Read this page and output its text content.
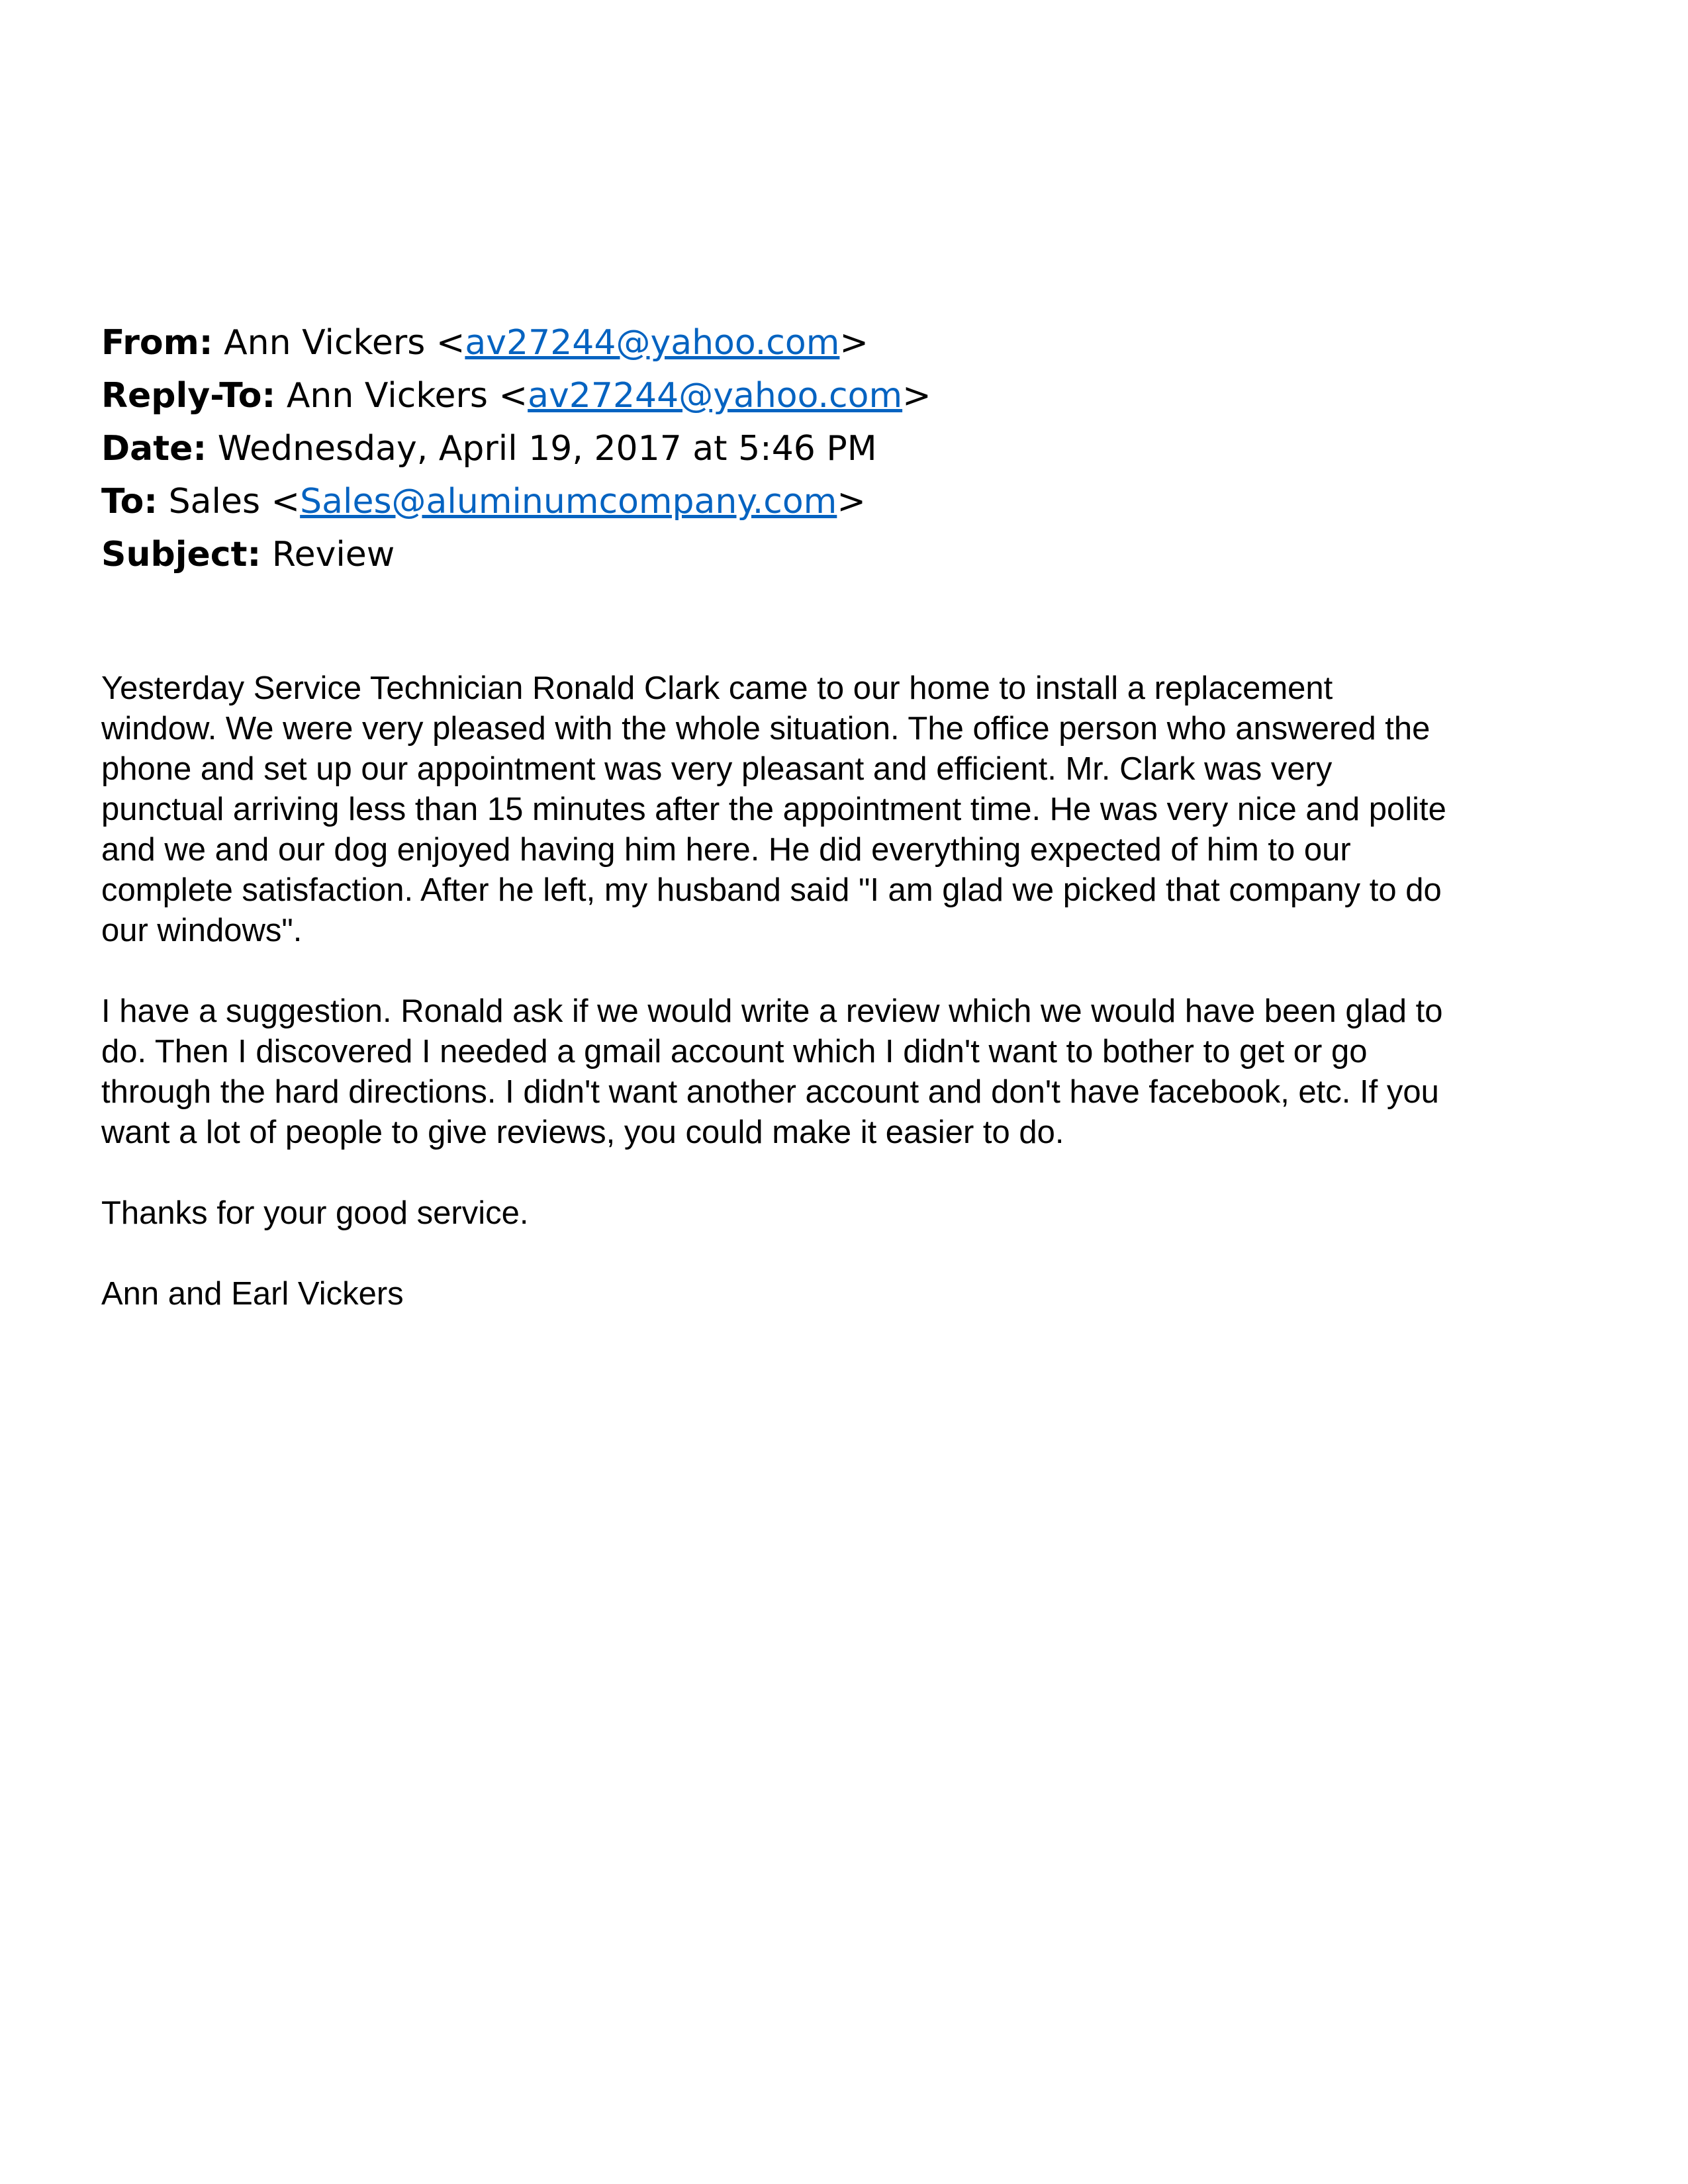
From: Ann Vickers <av27244@yahoo.com>
Reply-To: Ann Vickers <av27244@yahoo.com>
Date: Wednesday, April 19, 2017 at 5:46 PM
To: Sales <Sales@aluminumcompany.com>
Subject: Review

Yesterday Service Technician Ronald Clark came to our home to install a replacement
window. We were very pleased with the whole situation. The office person who answered the
phone and set up our appointment was very pleasant and efficient. Mr. Clark was very
punctual arriving less than 15 minutes after the appointment time. He was very nice and polite
and we and our dog enjoyed having him here. He did everything expected of him to our
complete satisfaction. After he left, my husband said "I am glad we picked that company to do
our windows".

I have a suggestion. Ronald ask if we would write a review which we would have been glad to
do. Then I discovered I needed a gmail account which I didn't want to bother to get or go
through the hard directions. I didn't want another account and don't have facebook, etc. If you
want a lot of people to give reviews, you could make it easier to do.

Thanks for your good service.

Ann and Earl Vickers
